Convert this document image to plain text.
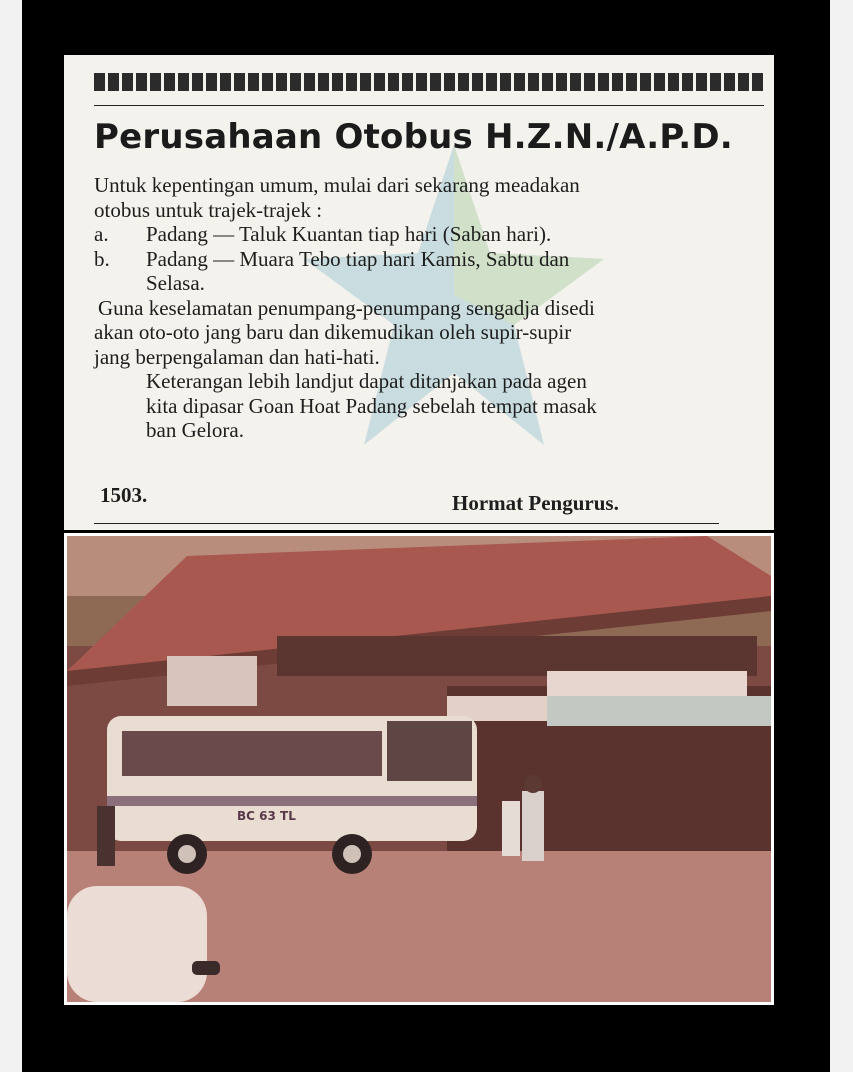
Perusahaan Otobus H.Z.N./A.P.D.
Untuk kepentingan umum, mulai dari sekarang meadakan
otobus untuk trajek-trajek :
a.	Padang — Taluk Kuantan tiap hari (Saban hari).
b.	Padang — Muara Tebo tiap hari Kamis, Sabtu dan
Selasa.
Guna keselamatan penumpang-penumpang sengadja disedi
akan oto-oto jang baru dan dikemudikan oleh supir-supir
jang berpengalaman dan hati-hati.
Keterangan lebih landjut dapat ditanjakan pada agen
kita dipasar Goan Hoat Padang sebelah tempat masak
ban Gelora.
1503.	Hormat Pengurus.
BC 63 TL
